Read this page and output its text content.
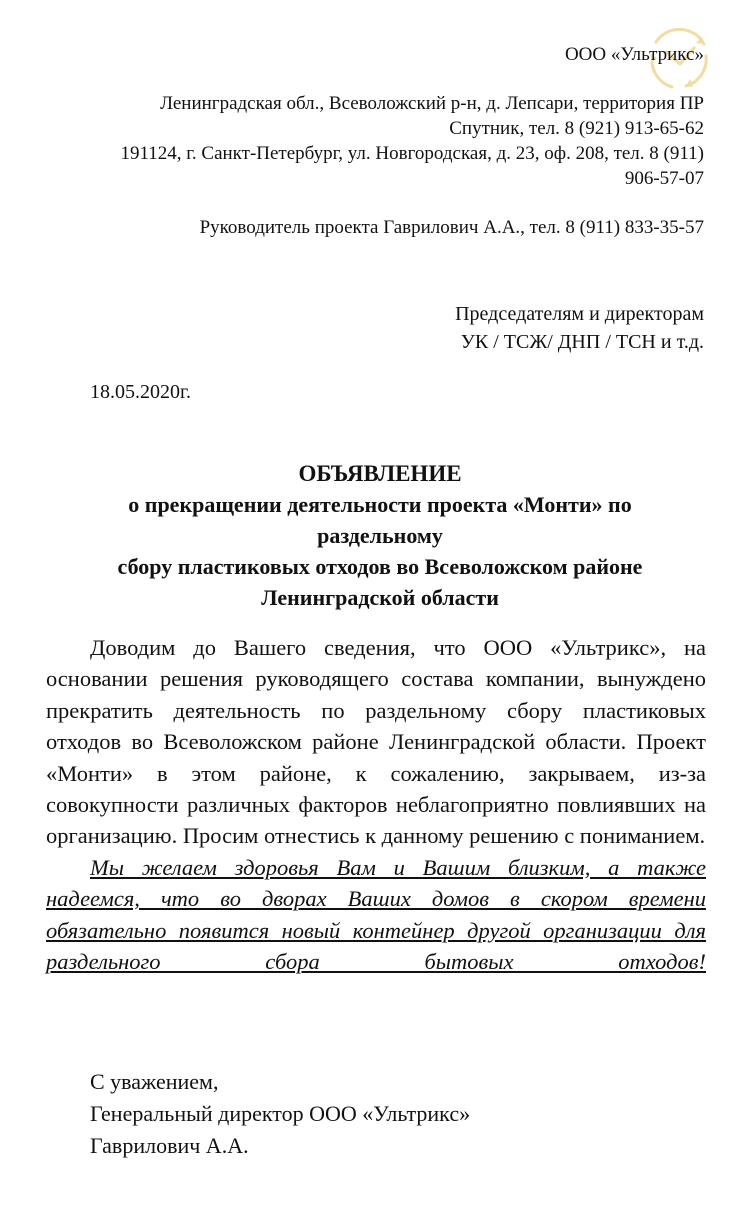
ООО «Ультрикс»
Ленинградская обл., Всеволожский р-н, д. Лепсари, территория ПР
Спутник, тел. 8 (921) 913-65-62
191124, г. Санкт-Петербург, ул. Новгородская, д. 23, оф. 208, тел. 8 (911)
906-57-07
Руководитель проекта Гаврилович А.А., тел. 8 (911) 833-35-57
Председателям и директорам
УК / ТСЖ/ ДНП / ТСН и т.д.
18.05.2020г.
ОБЪЯВЛЕНИЕ
о прекращении деятельности проекта «Монти» по
раздельному
сбору пластиковых отходов во Всеволожском районе
Ленинградской области

Доводим до Вашего сведения, что ООО «Ультрикс», на основании решения руководящего состава компании, вынуждено прекратить деятельность по раздельному сбору пластиковых отходов во Всеволожском районе Ленинградской области. Проект «Монти» в этом районе, к сожалению, закрываем, из-за совокупности различных факторов неблагоприятно повлиявших на организацию. Просим отнестись к данному решению с пониманием.

Мы желаем здоровья Вам и Вашим близким, а также надеемся, что во дворах Ваших домов в скором времени обязательно появится новый контейнер другой организации для раздельного сбора бытовых отходов!

С уважением,
Генеральный директор ООО «Ультрикс»
Гаврилович А.А.
